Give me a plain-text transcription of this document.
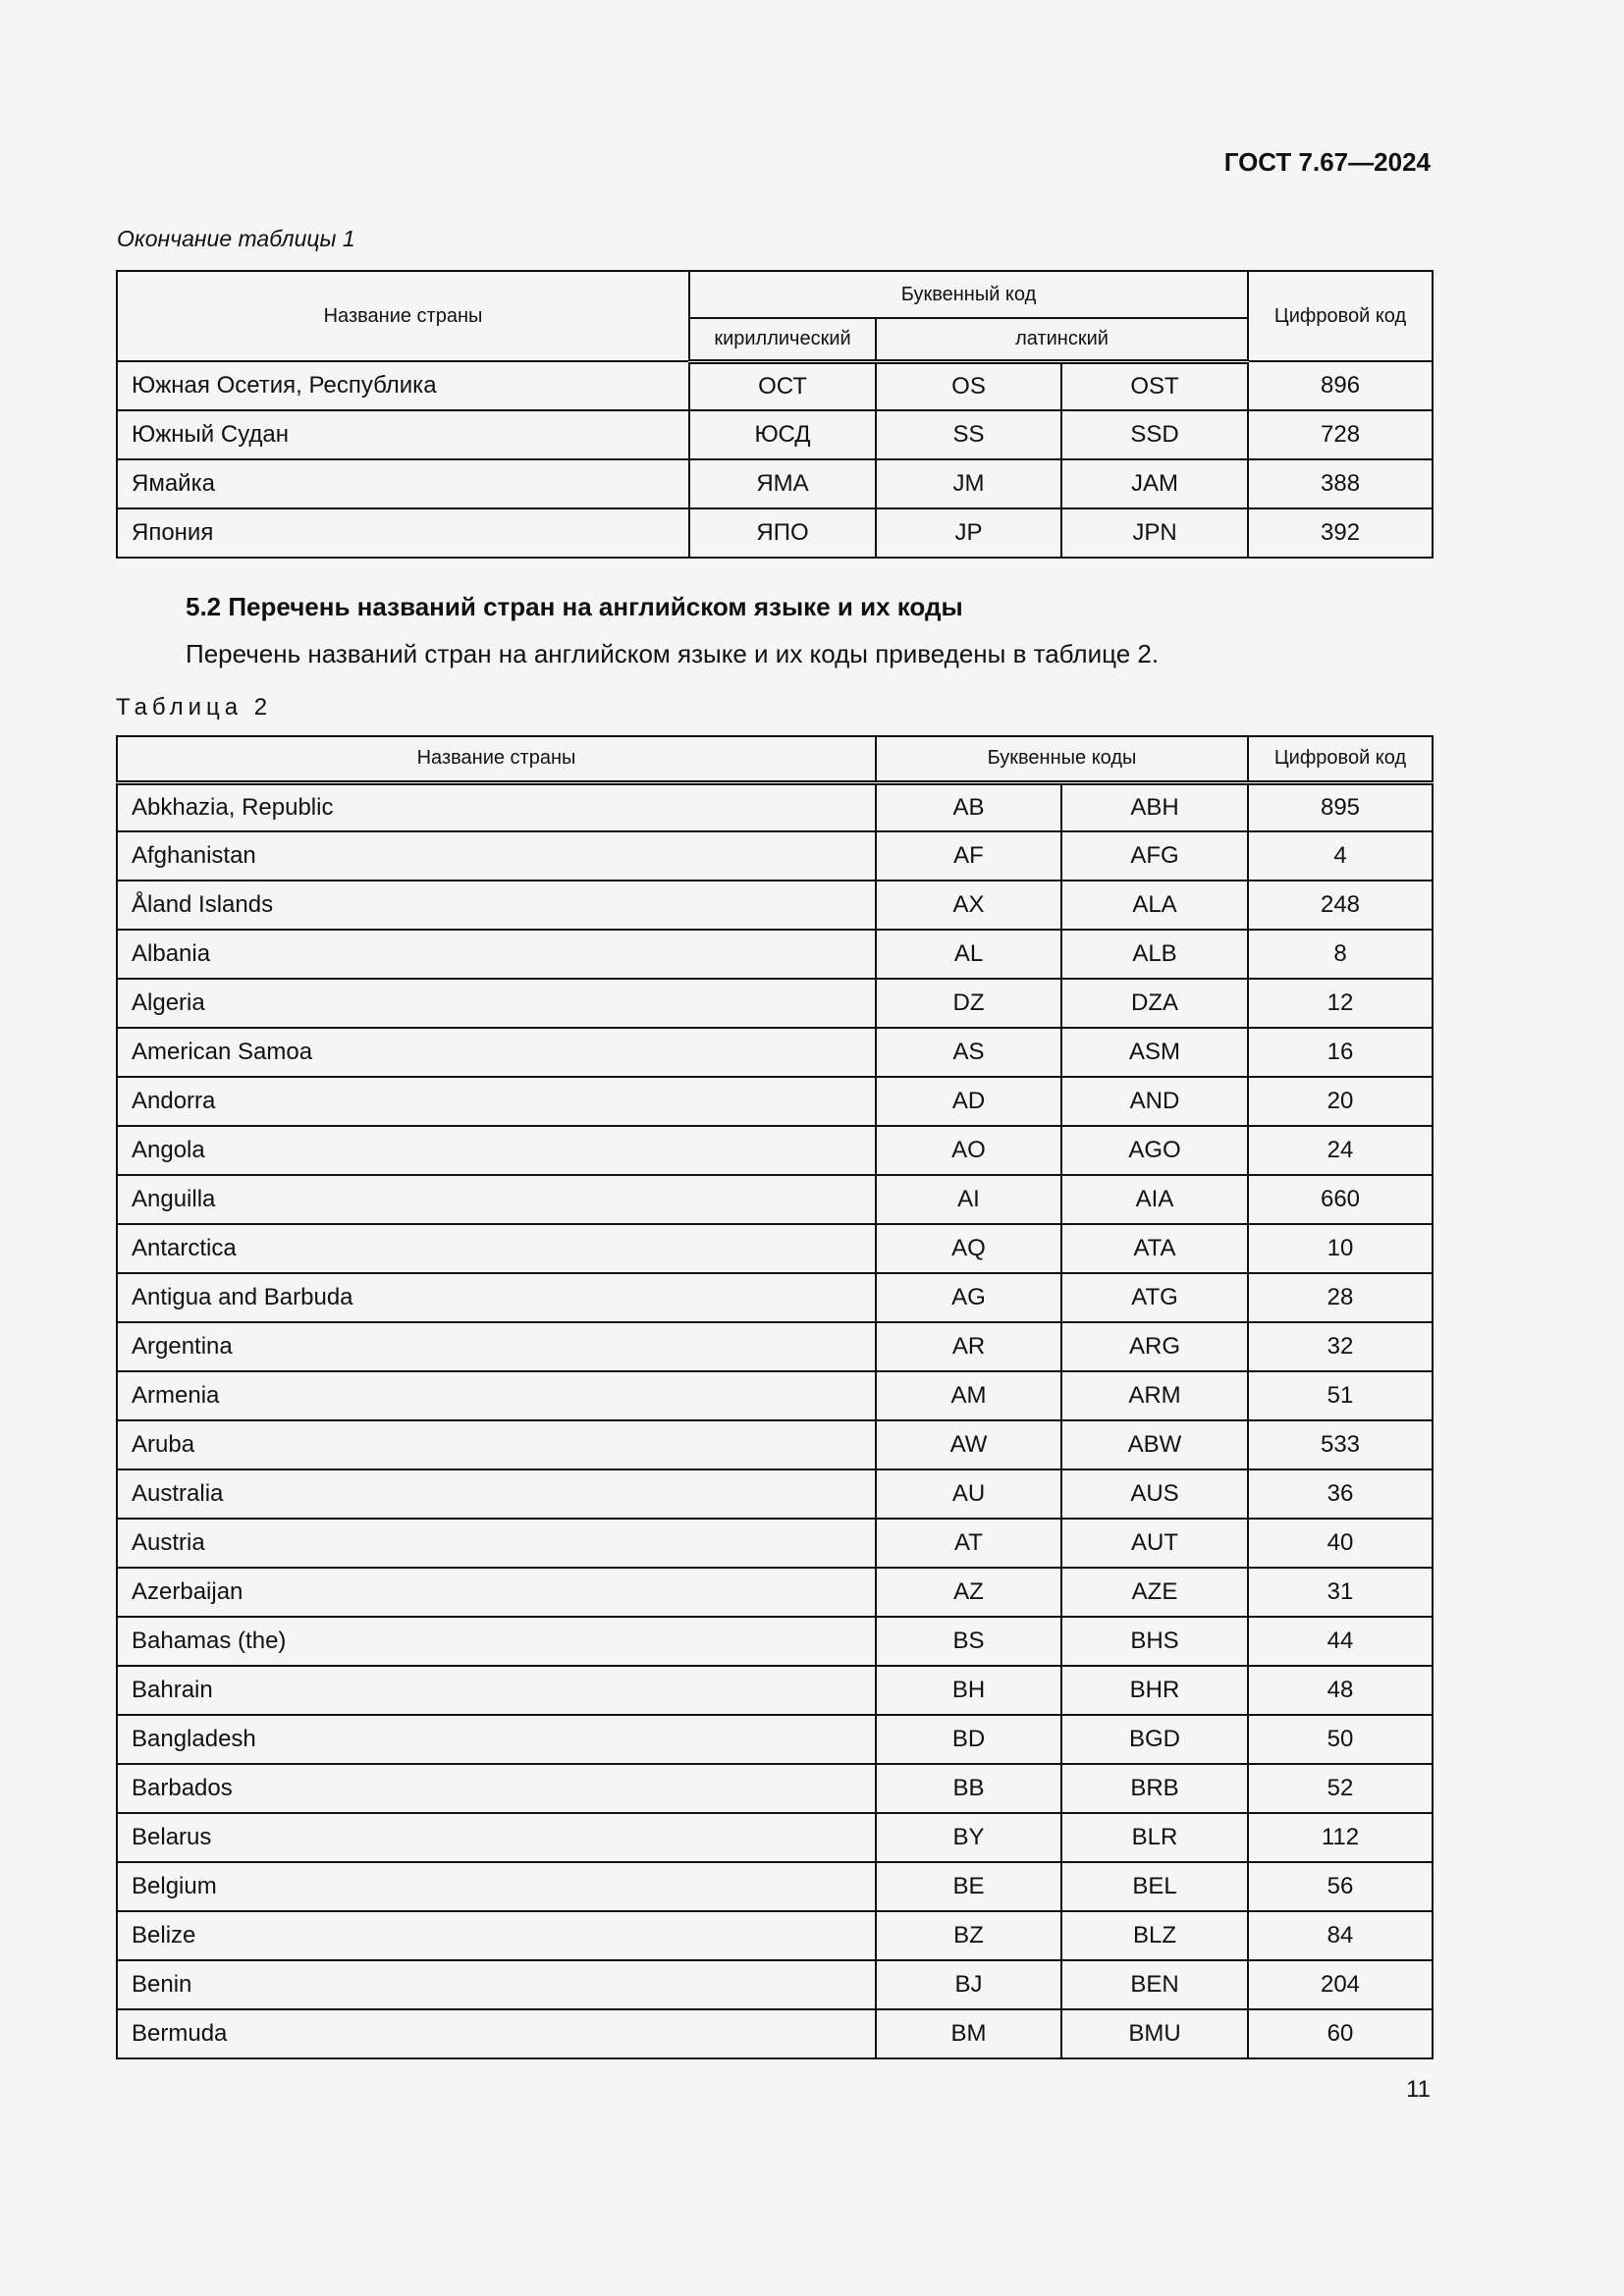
ГОСТ 7.67—2024
Окончание таблицы 1
Название страны	Буквенный код			Цифровой код
	кириллический	латинский		
Южная Осетия, Республика	ОСТ	OS	OST	896
Южный Судан	ЮСД	SS	SSD	728
Ямайка	ЯМА	JM	JAM	388
Япония	ЯПО	JP	JPN	392
5.2 Перечень названий стран на английском языке и их коды
Перечень названий стран на английском языке и их коды приведены в таблице 2.
Таблица 2
Название страны	Буквенные коды		Цифровой код
Abkhazia, Republic	AB	ABH	895
Afghanistan	AF	AFG	4
Åland Islands	AX	ALA	248
Albania	AL	ALB	8
Algeria	DZ	DZA	12
American Samoa	AS	ASM	16
Andorra	AD	AND	20
Angola	AO	AGO	24
Anguilla	AI	AIA	660
Antarctica	AQ	ATA	10
Antigua and Barbuda	AG	ATG	28
Argentina	AR	ARG	32
Armenia	AM	ARM	51
Aruba	AW	ABW	533
Australia	AU	AUS	36
Austria	AT	AUT	40
Azerbaijan	AZ	AZE	31
Bahamas (the)	BS	BHS	44
Bahrain	BH	BHR	48
Bangladesh	BD	BGD	50
Barbados	BB	BRB	52
Belarus	BY	BLR	112
Belgium	BE	BEL	56
Belize	BZ	BLZ	84
Benin	BJ	BEN	204
Bermuda	BM	BMU	60
11
